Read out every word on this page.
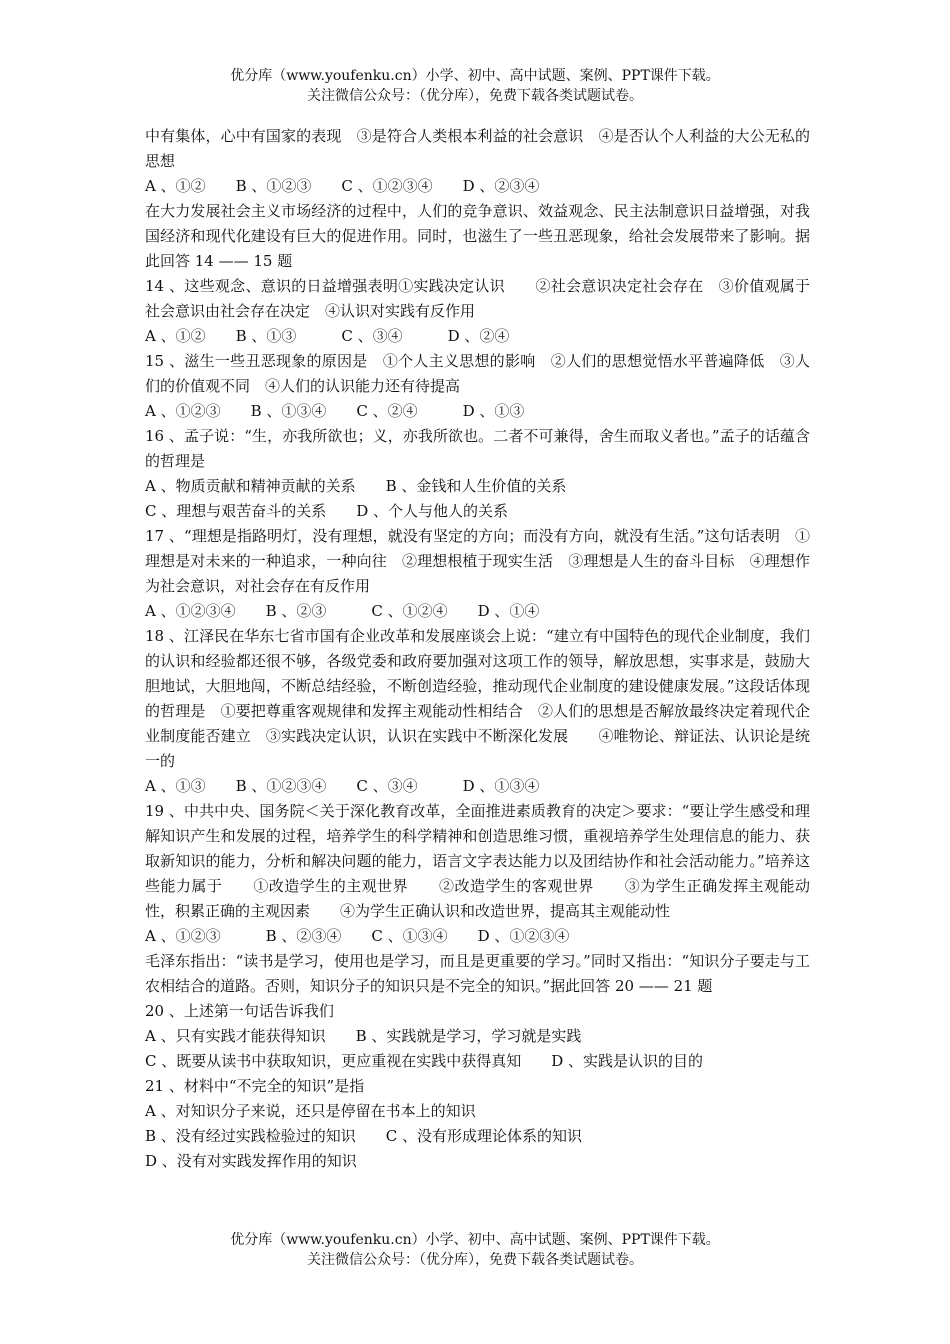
优分库（www.youfenku.cn）小学、初中、高中试题、案例、PPT课件下载。
关注微信公众号：（优分库），免费下载各类试题试卷。

中有集体，心中有国家的表现　③是符合人类根本利益的社会意识　④是否认个人利益的大公无私的思想

A 、①②　　B 、①②③　　C 、①②③④　　D 、②③④

在大力发展社会主义市场经济的过程中，人们的竞争意识、效益观念、民主法制意识日益增强，对我国经济和现代化建设有巨大的促进作用。同时，也滋生了一些丑恶现象，给社会发展带来了影响。据此回答 14 —— 15 题

14 、这些观念、意识的日益增强表明①实践决定认识　　②社会意识决定社会存在　③价值观属于社会意识由社会存在决定　④认识对实践有反作用

A 、①②　　B 、①③　　　C 、③④　　　D 、②④

15 、滋生一些丑恶现象的原因是　①个人主义思想的影响　②人们的思想觉悟水平普遍降低　③人们的价值观不同　④人们的认识能力还有待提高

A 、①②③　　B 、①③④　　C 、②④　　　D 、①③

16 、孟子说：“生，亦我所欲也；义，亦我所欲也。二者不可兼得，舍生而取义者也。”孟子的话蕴含的哲理是

A 、物质贡献和精神贡献的关系　　B 、金钱和人生价值的关系

C 、理想与艰苦奋斗的关系　　D 、个人与他人的关系

17 、“理想是指路明灯，没有理想，就没有坚定的方向；而没有方向，就没有生活。”这句话表明　①理想是对未来的一种追求，一种向往　②理想根植于现实生活　③理想是人生的奋斗目标　④理想作为社会意识，对社会存在有反作用

A 、①②③④　　B 、②③　　　C 、①②④　　D 、①④

18 、江泽民在华东七省市国有企业改革和发展座谈会上说：“建立有中国特色的现代企业制度，我们的认识和经验都还很不够，各级党委和政府要加强对这项工作的领导，解放思想，实事求是，鼓励大胆地试，大胆地闯，不断总结经验，不断创造经验，推动现代企业制度的建设健康发展。”这段话体现的哲理是　①要把尊重客观规律和发挥主观能动性相结合　②人们的思想是否解放最终决定着现代企业制度能否建立　③实践决定认识，认识在实践中不断深化发展　　④唯物论、辩证法、认识论是统一的

A 、①③　　B 、①②③④　　C 、③④　　　D 、①③④

19 、中共中央、国务院＜关于深化教育改革，全面推进素质教育的决定＞要求：“要让学生感受和理解知识产生和发展的过程，培养学生的科学精神和创造思维习惯，重视培养学生处理信息的能力、获取新知识的能力，分析和解决问题的能力，语言文字表达能力以及团结协作和社会活动能力。”培养这些能力属于　　①改造学生的主观世界　　②改造学生的客观世界　　③为学生正确发挥主观能动性，积累正确的主观因素　　④为学生正确认识和改造世界，提高其主观能动性

A 、①②③　　　B 、②③④　　C 、①③④　　D 、①②③④

毛泽东指出：“读书是学习，使用也是学习，而且是更重要的学习。”同时又指出：“知识分子要走与工农相结合的道路。否则，知识分子的知识只是不完全的知识。”据此回答 20 —— 21 题

20 、上述第一句话告诉我们

A 、只有实践才能获得知识　　B 、实践就是学习，学习就是实践

C 、既要从读书中获取知识，更应重视在实践中获得真知　　D 、实践是认识的目的

21 、材料中“不完全的知识”是指

A 、对知识分子来说，还只是停留在书本上的知识

B 、没有经过实践检验过的知识　　C 、没有形成理论体系的知识

D 、没有对实践发挥作用的知识

优分库（www.youfenku.cn）小学、初中、高中试题、案例、PPT课件下载。
关注微信公众号：（优分库），免费下载各类试题试卷。
